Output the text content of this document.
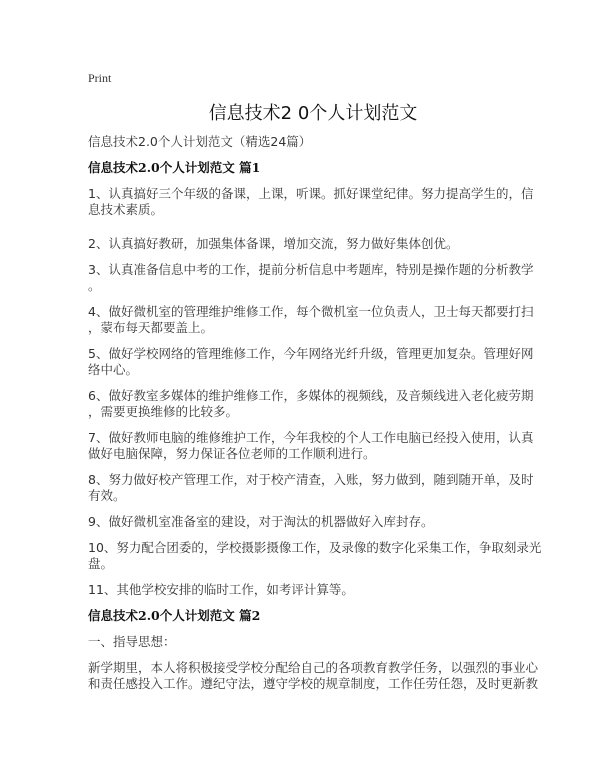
Print
信息技术2 0个人计划范文
信息技术2.0个人计划范文（精选24篇）
信息技术2.0个人计划范文 篇1
1、认真搞好三个年级的备课，上课，听课。抓好课堂纪律。努力提高学生的，信
息技术素质。
2、认真搞好教研，加强集体备课，增加交流，努力做好集体创优。
3、认真准备信息中考的工作，提前分析信息中考题库，特别是操作题的分析教学
。
4、做好微机室的管理维护维修工作，每个微机室一位负责人，卫士每天都要打扫
，蒙布每天都要盖上。
5、做好学校网络的管理维修工作，今年网络光纤升级，管理更加复杂。管理好网
络中心。
6、做好教室多媒体的维护维修工作，多媒体的视频线，及音频线进入老化疲劳期
，需要更换维修的比较多。
7、做好教师电脑的维修维护工作，今年我校的个人工作电脑已经投入使用，认真
做好电脑保障，努力保证各位老师的工作顺利进行。
8、努力做好校产管理工作，对于校产清查，入账，努力做到，随到随开单，及时
有效。
9、做好微机室准备室的建设，对于淘汰的机器做好入库封存。
10、努力配合团委的，学校摄影摄像工作，及录像的数字化采集工作，争取刻录光
盘。
11、其他学校安排的临时工作，如考评计算等。
信息技术2.0个人计划范文 篇2
一、指导思想：
新学期里，本人将积极接受学校分配给自己的各项教育教学任务，以强烈的事业心
和责任感投入工作。遵纪守法，遵守学校的规章制度，工作任劳任怨，及时更新教
